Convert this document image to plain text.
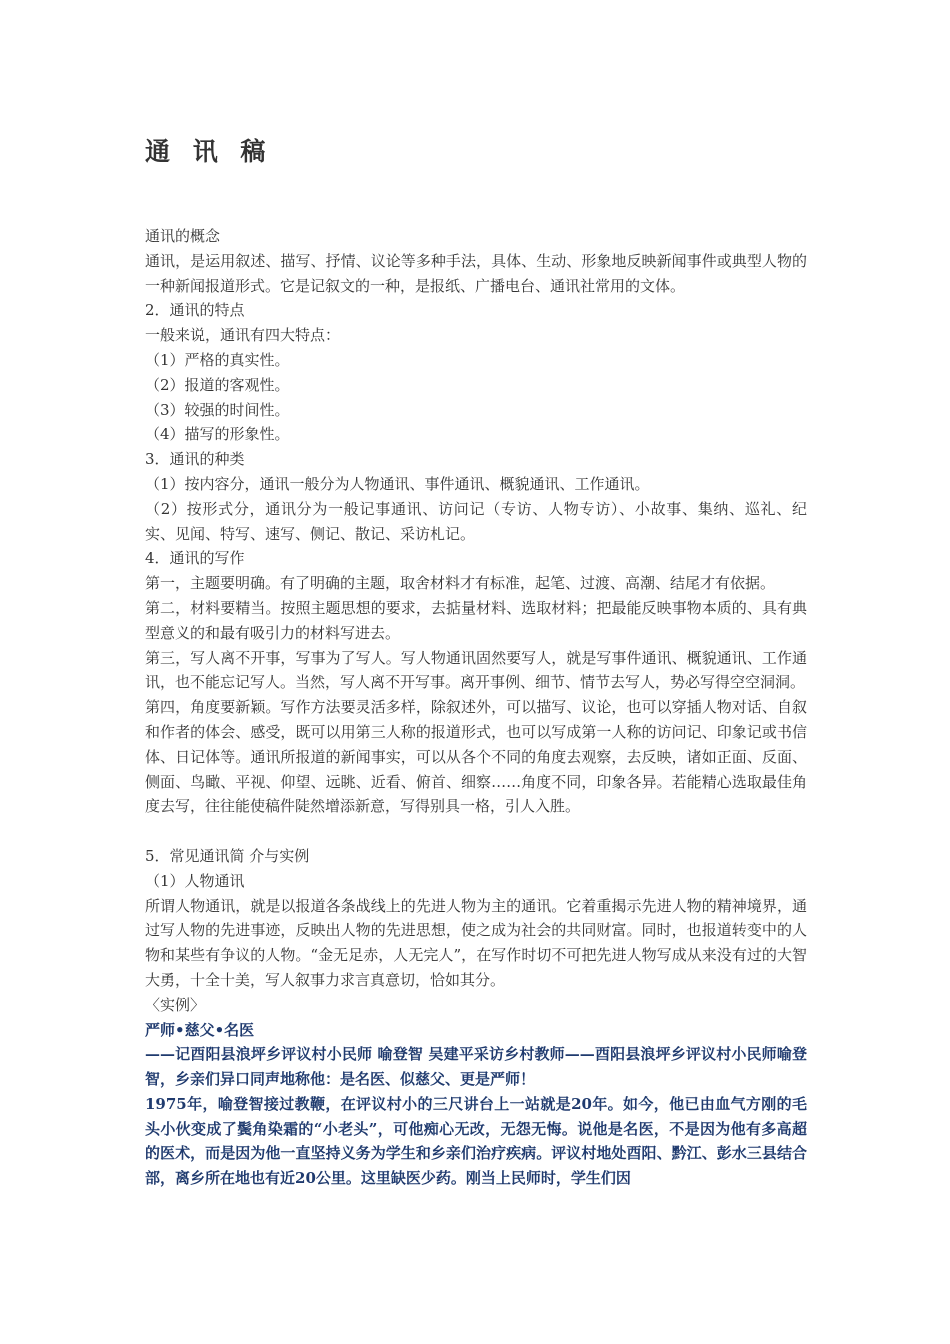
通 讯 稿

通讯的概念

通讯，是运用叙述、描写、抒情、议论等多种手法，具体、生动、形象地反映新闻事件或典型人物的一种新闻报道形式。它是记叙文的一种，是报纸、广播电台、通讯社常用的文体。

2．通讯的特点

一般来说，通讯有四大特点：

（1）严格的真实性。

（2）报道的客观性。

（3）较强的时间性。

（4）描写的形象性。

3．通讯的种类

（1）按内容分，通讯一般分为人物通讯、事件通讯、概貌通讯、工作通讯。

（2）按形式分，通讯分为一般记事通讯、访问记（专访、人物专访）、小故事、集纳、巡礼、纪实、见闻、特写、速写、侧记、散记、采访札记。

4．通讯的写作

第一，主题要明确。有了明确的主题，取舍材料才有标准，起笔、过渡、高潮、结尾才有依据。

第二，材料要精当。按照主题思想的要求，去掂量材料、选取材料；把最能反映事物本质的、具有典型意义的和最有吸引力的材料写进去。

第三，写人离不开事，写事为了写人。写人物通讯固然要写人，就是写事件通讯、概貌通讯、工作通讯，也不能忘记写人。当然，写人离不开写事。离开事例、细节、情节去写人，势必写得空空洞洞。

第四，角度要新颖。写作方法要灵活多样，除叙述外，可以描写、议论，也可以穿插人物对话、自叙和作者的体会、感受，既可以用第三人称的报道形式，也可以写成第一人称的访问记、印象记或书信体、日记体等。通讯所报道的新闻事实，可以从各个不同的角度去观察，去反映，诸如正面、反面、侧面、鸟瞰、平视、仰望、远眺、近看、俯首、细察……角度不同，印象各异。若能精心选取最佳角度去写，往往能使稿件陡然增添新意，写得别具一格，引人入胜。

5．常见通讯简 介与实例

（1）人物通讯

所谓人物通讯，就是以报道各条战线上的先进人物为主的通讯。它着重揭示先进人物的精神境界，通过写人物的先进事迹，反映出人物的先进思想，使之成为社会的共同财富。同时，也报道转变中的人物和某些有争议的人物。“金无足赤，人无完人”，在写作时切不可把先进人物写成从来没有过的大智大勇，十全十美，写人叙事力求言真意切，恰如其分。

〈实例〉

严师•慈父•名医

——记酉阳县浪坪乡评议村小民师 喻登智 吴建平采访乡村教师——酉阳县浪坪乡评议村小民师喻登智，乡亲们异口同声地称他：是名医、似慈父、更是严师！

1975年，喻登智接过教鞭，在评议村小的三尺讲台上一站就是20年。如今，他已由血气方刚的毛头小伙变成了鬓角染霜的“小老头”，可他痴心无改，无怨无悔。说他是名医，不是因为他有多高超的医术，而是因为他一直坚持义务为学生和乡亲们治疗疾病。评议村地处酉阳、黔江、彭水三县结合部，离乡所在地也有近20公里。这里缺医少药。刚当上民师时，学生们因
